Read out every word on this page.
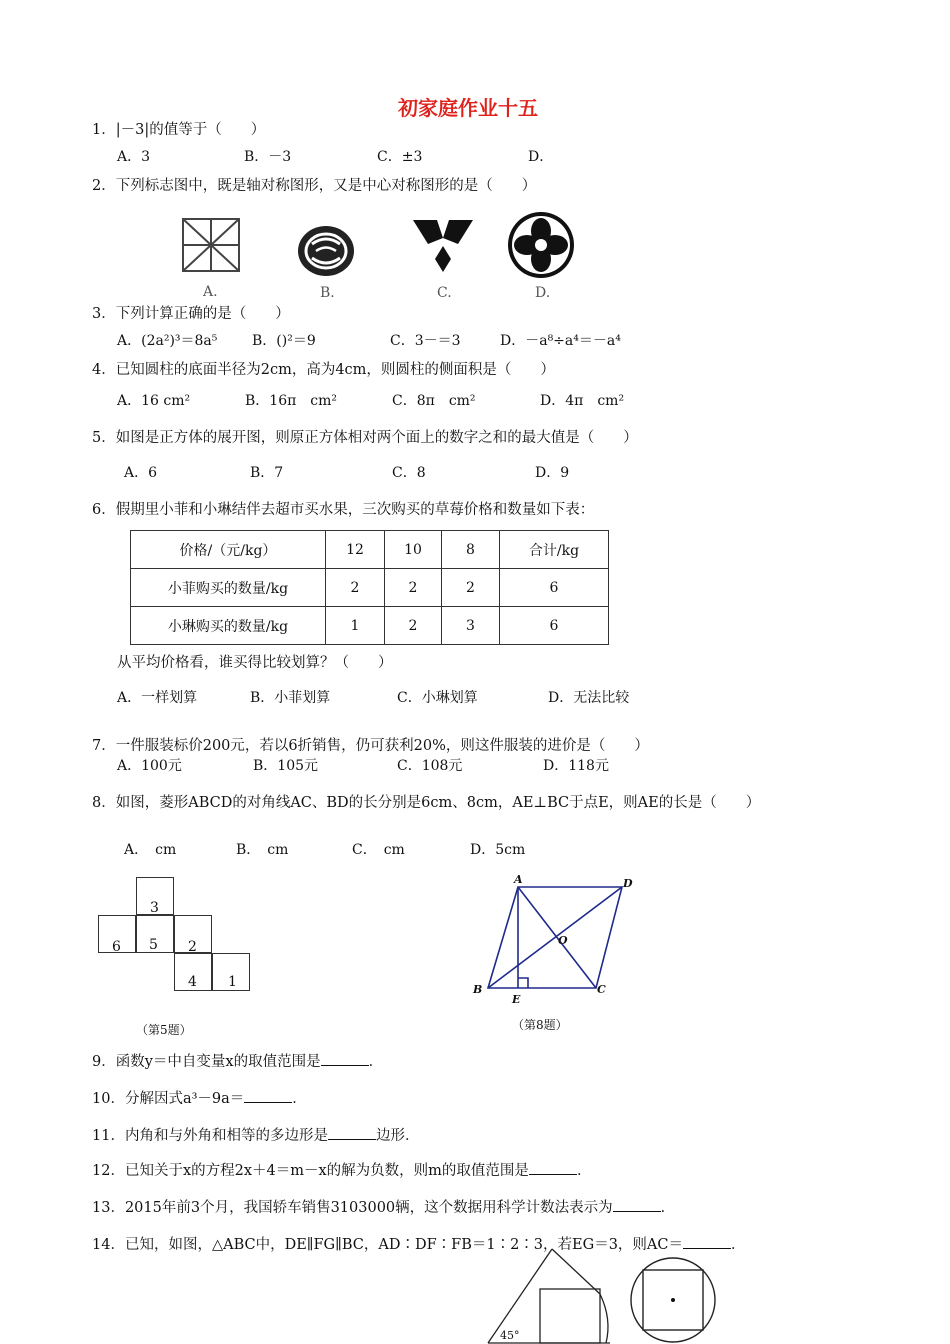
初家庭作业十五
1．|－3|的值等于（　　）
A．3	B．－3	C．±3	D．
2．下列标志图中，既是轴对称图形，又是中心对称图形的是（　　）
A.	B.	C.	D.
3．下列计算正确的是（　　）
A．(2a²)³＝8a⁵ B．()²＝9	C．3－＝3	D．－a⁸÷a⁴＝－a⁴
4．已知圆柱的底面半径为2cm，高为4cm，则圆柱的侧面积是（　　）
A．16 cm²	B．16π　cm²	C．8π　cm²	D．4π　cm²
5．如图是正方体的展开图，则原正方体相对两个面上的数字之和的最大值是（　　）
A．6	B．7	C．8	D．9
6．假期里小菲和小琳结伴去超市买水果，三次购买的草莓价格和数量如下表：
价格/（元/kg）	12	10	8	合计/kg
小菲购买的数量/kg	2	2	2	6
小琳购买的数量/kg	1	2	3	6
从平均价格看，谁买得比较划算？（　　）
A．一样划算	B．小菲划算	C．小琳划算	D．无法比较
7．一件服装标价200元，若以6折销售，仍可获利20%，则这件服装的进价是（　　）
A．100元	B．105元	C．108元	D．118元
8．如图，菱形ABCD的对角线AC、BD的长分别是6cm、8cm，AE⊥BC于点E，则AE的长是（　　）
A．　cm	B．　cm	C．　cm	D．5cm
3
6 5 2
4 1
（第5题）
A	D
O
B
E
C
（第8题）
9．函数y＝中自变量x的取值范围是	．
10．分解因式a³－9a＝	．
11．内角和与外角和相等的多边形是	边形．
12．已知关于x的方程2x＋4＝m－x的解为负数，则m的取值范围是	．
13．2015年前3个月，我国轿车销售3103000辆，这个数据用科学计数法表示为	．
14．已知，如图，△ABC中，DE∥FG∥BC，AD∶DF∶FB＝1∶2∶3，若EG＝3，则AC＝	．
45°
